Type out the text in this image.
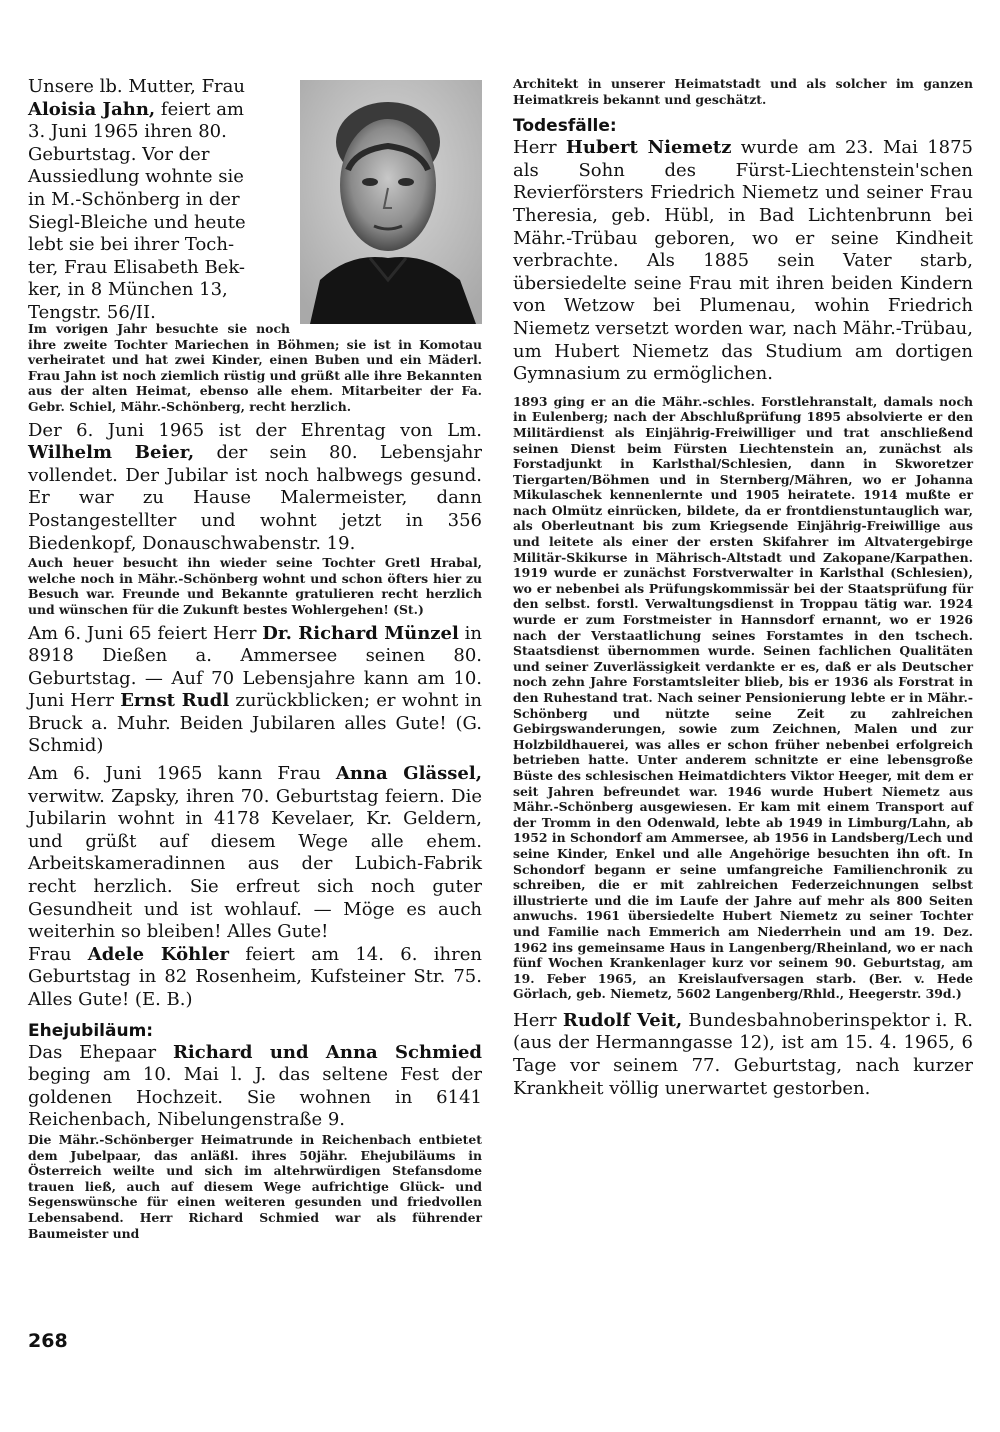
Unsere lb. Mutter, Frau
Aloisia Jahn, feiert am
3. Juni 1965 ihren 80.
Geburtstag. Vor der
Aussiedlung wohnte sie
in M.-Schönberg in der
Siegl-Bleiche und heute
lebt sie bei ihrer Toch-
ter, Frau Elisabeth Bek-
ker, in 8 München 13,
Tengstr. 56/II.

Im vorigen Jahr besuchte sie noch ihre zweite Tochter Mariechen in Böhmen; sie ist in Komotau verheiratet und hat zwei Kinder, einen Buben und ein Mäderl. Frau Jahn ist noch ziemlich rüstig und grüßt alle ihre Bekannten aus der alten Heimat, ebenso alle ehem. Mitarbeiter der Fa. Gebr. Schiel, Mähr.-Schönberg, recht herzlich.

Der 6. Juni 1965 ist der Ehrentag von Lm. Wilhelm Beier, der sein 80. Lebensjahr vollendet. Der Jubilar ist noch halbwegs gesund. Er war zu Hause Malermeister, dann Postangestellter und wohnt jetzt in 356 Biedenkopf, Donauschwabenstr. 19.

Auch heuer besucht ihn wieder seine Tochter Gretl Hrabal, welche noch in Mähr.-Schönberg wohnt und schon öfters hier zu Besuch war. Freunde und Bekannte gratulieren recht herzlich und wünschen für die Zukunft bestes Wohlergehen! (St.)

Am 6. Juni 65 feiert Herr Dr. Richard Münzel in 8918 Dießen a. Ammersee seinen 80. Geburtstag. — Auf 70 Lebensjahre kann am 10. Juni Herr Ernst Rudl zurückblicken; er wohnt in Bruck a. Muhr. Beiden Jubilaren alles Gute! (G. Schmid)

Am 6. Juni 1965 kann Frau Anna Glässel, verwitw. Zapsky, ihren 70. Geburtstag feiern. Die Jubilarin wohnt in 4178 Kevelaer, Kr. Geldern, und grüßt auf diesem Wege alle ehem. Arbeitskameradinnen aus der Lubich-Fabrik recht herzlich. Sie erfreut sich noch guter Gesundheit und ist wohlauf. — Möge es auch weiterhin so bleiben! Alles Gute!

Frau Adele Köhler feiert am 14. 6. ihren Geburtstag in 82 Rosenheim, Kufsteiner Str. 75. Alles Gute! (E. B.)

Ehejubiläum:

Das Ehepaar Richard und Anna Schmied beging am 10. Mai l. J. das seltene Fest der goldenen Hochzeit. Sie wohnen in 6141 Reichenbach, Nibelungenstraße 9.

Die Mähr.-Schönberger Heimatrunde in Reichenbach entbietet dem Jubelpaar, das anläßl. ihres 50jähr. Ehejubiläums in Österreich weilte und sich im altehrwürdigen Stefansdome trauen ließ, auch auf diesem Wege aufrichtige Glück- und Segenswünsche für einen weiteren gesunden und friedvollen Lebensabend. Herr Richard Schmied war als führender Baumeister und

Architekt in unserer Heimatstadt und als solcher im ganzen Heimatkreis bekannt und geschätzt.

Todesfälle:

Herr Hubert Niemetz wurde am 23. Mai 1875 als Sohn des Fürst-Liechtenstein'schen Revierförsters Friedrich Niemetz und seiner Frau Theresia, geb. Hübl, in Bad Lichtenbrunn bei Mähr.-Trübau geboren, wo er seine Kindheit verbrachte. Als 1885 sein Vater starb, übersiedelte seine Frau mit ihren beiden Kindern von Wetzow bei Plumenau, wohin Friedrich Niemetz versetzt worden war, nach Mähr.-Trübau, um Hubert Niemetz das Studium am dortigen Gymnasium zu ermöglichen.

1893 ging er an die Mähr.-schles. Forstlehranstalt, damals noch in Eulenberg; nach der Abschlußprüfung 1895 absolvierte er den Militärdienst als Einjährig-Freiwilliger und trat anschließend seinen Dienst beim Fürsten Liechtenstein an, zunächst als Forstadjunkt in Karlsthal/Schlesien, dann in Skworetzer Tiergarten/Böhmen und in Sternberg/Mähren, wo er Johanna Mikulaschek kennenlernte und 1905 heiratete. 1914 mußte er nach Olmütz einrücken, bildete, da er frontdienstuntauglich war, als Oberleutnant bis zum Kriegsende Einjährig-Freiwillige aus und leitete als einer der ersten Skifahrer im Altvatergebirge Militär-Skikurse in Mährisch-Altstadt und Zakopane/Karpathen. 1919 wurde er zunächst Forstverwalter in Karlsthal (Schlesien), wo er nebenbei als Prüfungskommissär bei der Staatsprüfung für den selbst. forstl. Verwaltungsdienst in Troppau tätig war. 1924 wurde er zum Forstmeister in Hannsdorf ernannt, wo er 1926 nach der Verstaatlichung seines Forstamtes in den tschech. Staatsdienst übernommen wurde. Seinen fachlichen Qualitäten und seiner Zuverlässigkeit verdankte er es, daß er als Deutscher noch zehn Jahre Forstamtsleiter blieb, bis er 1936 als Forstrat in den Ruhestand trat. Nach seiner Pensionierung lebte er in Mähr.-Schönberg und nützte seine Zeit zu zahlreichen Gebirgswanderungen, sowie zum Zeichnen, Malen und zur Holzbildhauerei, was alles er schon früher nebenbei erfolgreich betrieben hatte. Unter anderem schnitzte er eine lebensgroße Büste des schlesischen Heimatdichters Viktor Heeger, mit dem er seit Jahren befreundet war. 1946 wurde Hubert Niemetz aus Mähr.-Schönberg ausgewiesen. Er kam mit einem Transport auf der Tromm in den Odenwald, lebte ab 1949 in Limburg/Lahn, ab 1952 in Schondorf am Ammersee, ab 1956 in Landsberg/Lech und seine Kinder, Enkel und alle Angehörige besuchten ihn oft. In Schondorf begann er seine umfangreiche Familienchronik zu schreiben, die er mit zahlreichen Federzeichnungen selbst illustrierte und die im Laufe der Jahre auf mehr als 800 Seiten anwuchs. 1961 übersiedelte Hubert Niemetz zu seiner Tochter und Familie nach Emmerich am Niederrhein und am 19. Dez. 1962 ins gemeinsame Haus in Langenberg/Rheinland, wo er nach fünf Wochen Krankenlager kurz vor seinem 90. Geburtstag, am 19. Feber 1965, an Kreislaufversagen starb. (Ber. v. Hede Görlach, geb. Niemetz, 5602 Langenberg/Rhld., Heegerstr. 39d.)

Herr Rudolf Veit, Bundesbahnoberinspektor i. R. (aus der Hermanngasse 12), ist am 15. 4. 1965, 6 Tage vor seinem 77. Geburtstag, nach kurzer Krankheit völlig unerwartet gestorben.

268
